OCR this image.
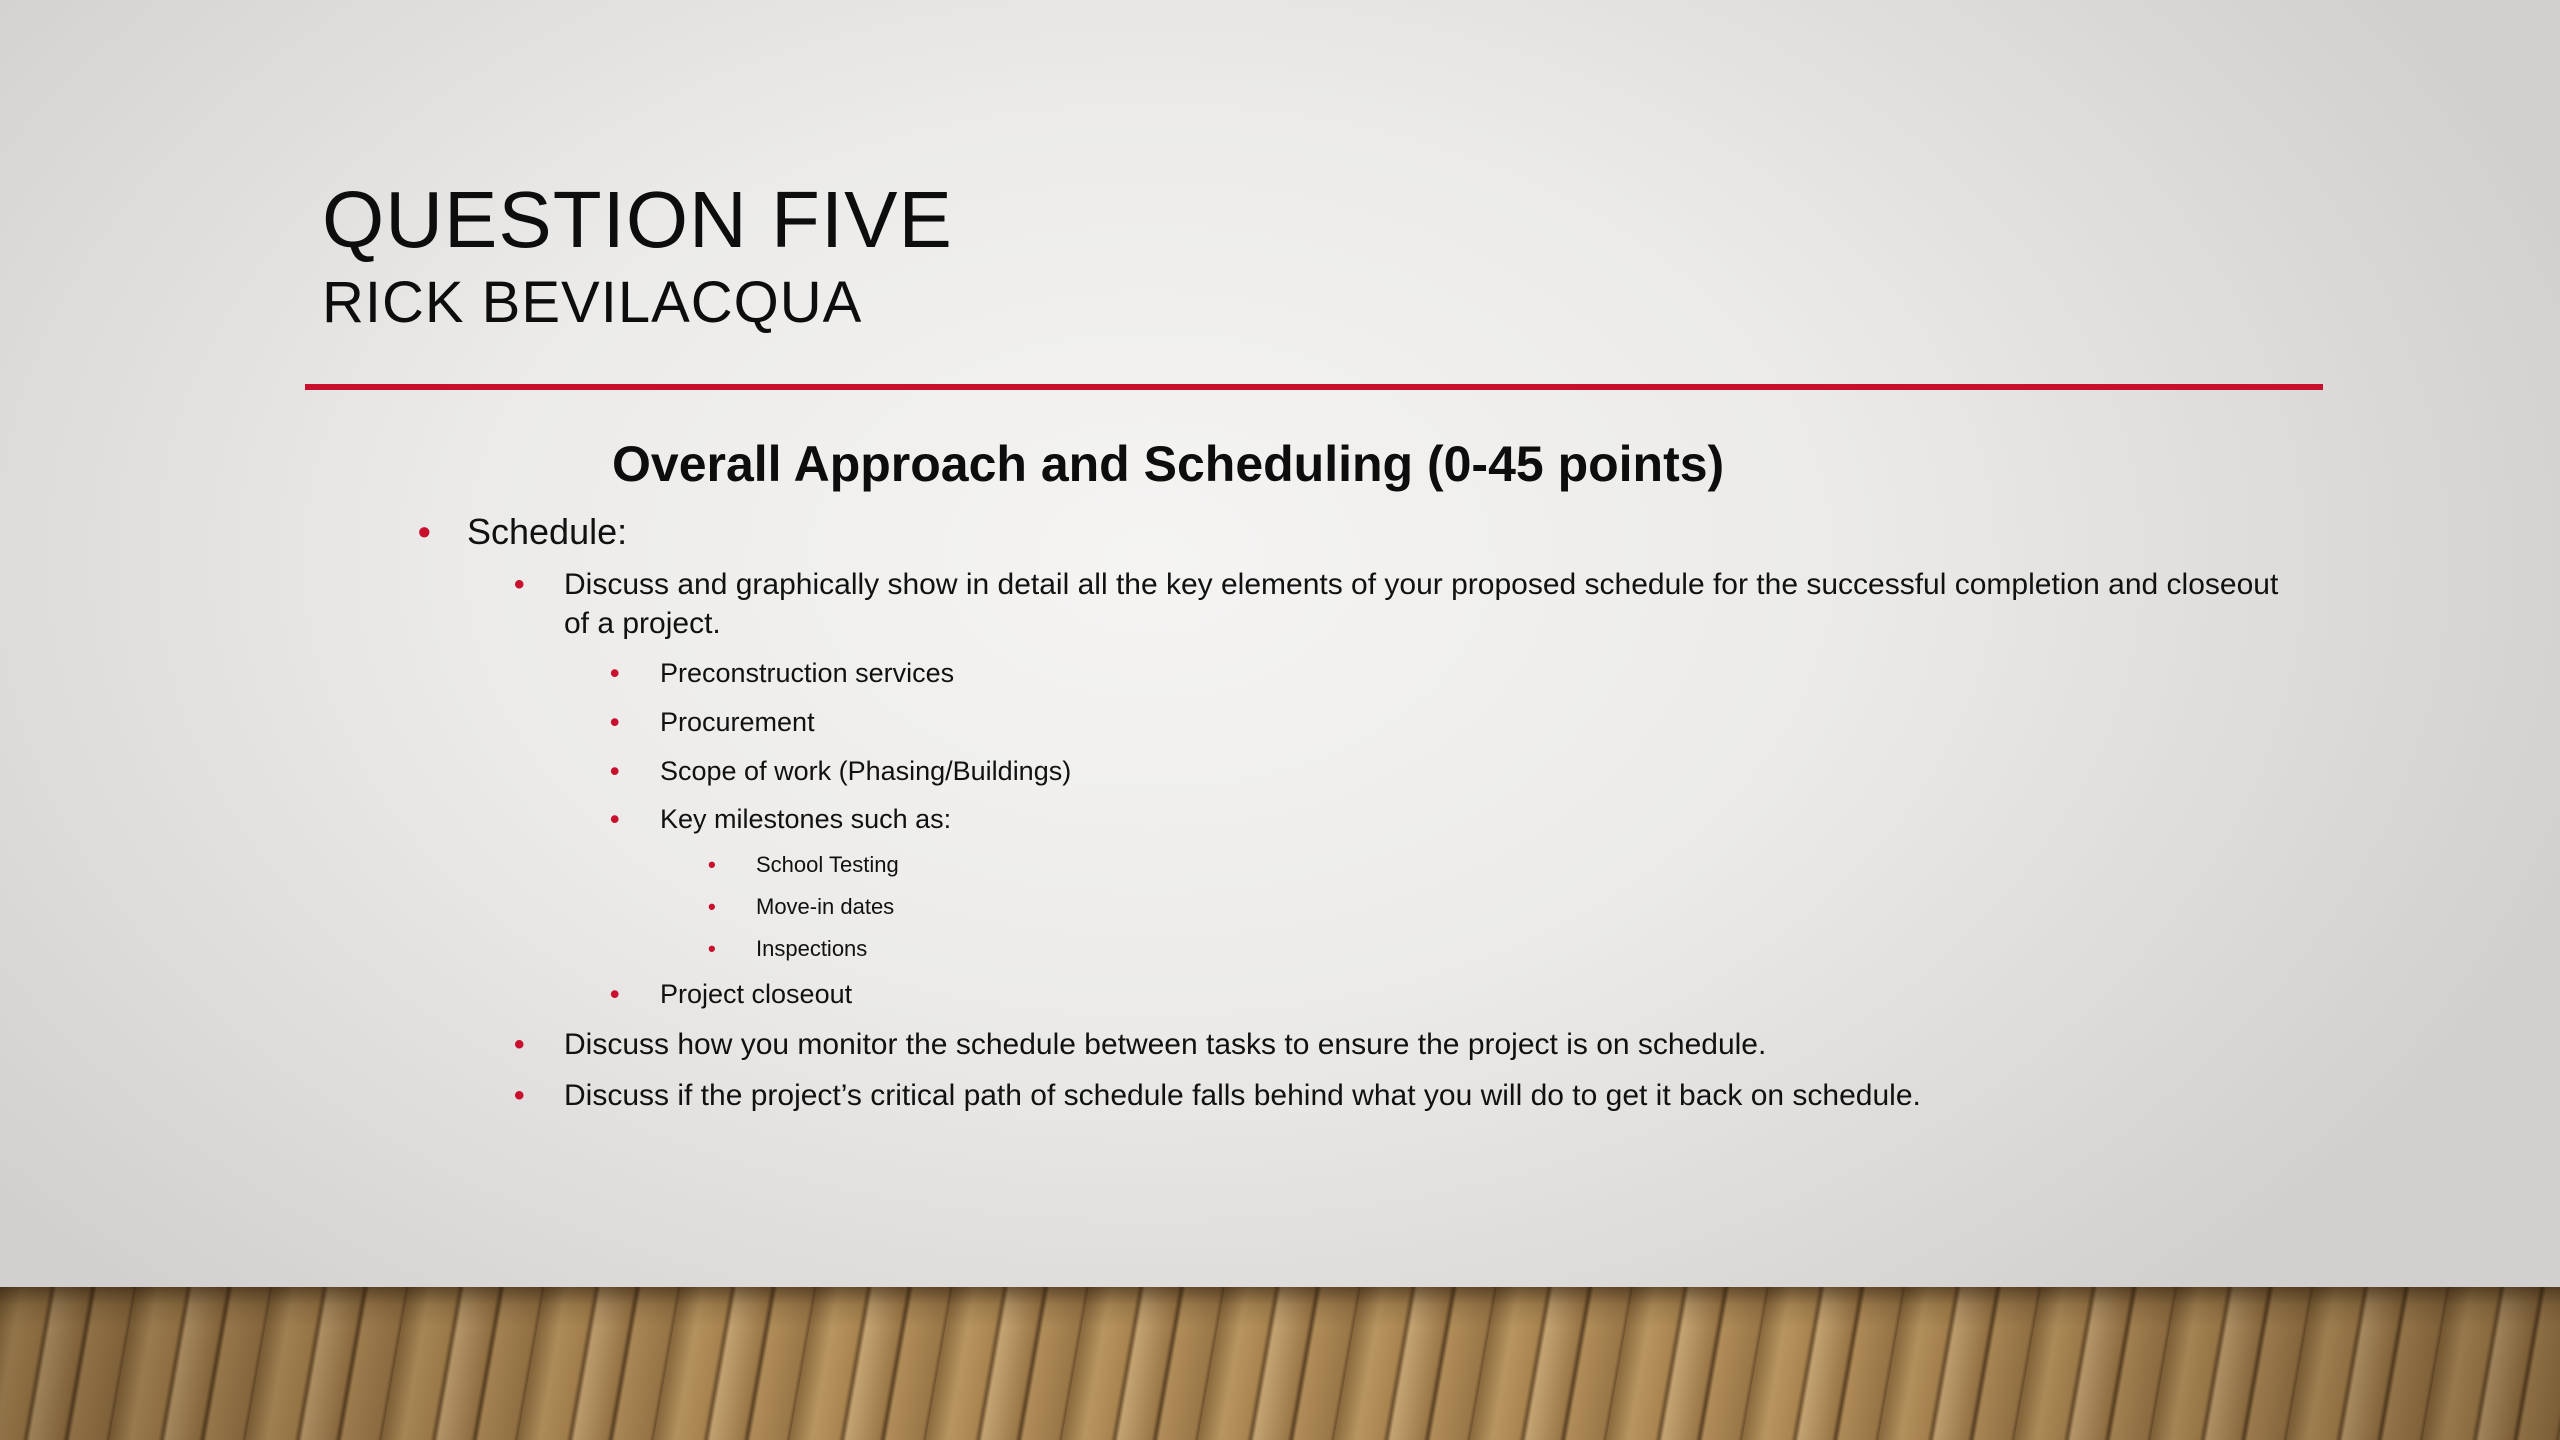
QUESTION FIVE
RICK BEVILACQUA
Overall Approach and Scheduling (0-45 points)
• Schedule:
• Discuss and graphically show in detail all the key elements of your proposed schedule for the successful completion and closeout of a project.
• Preconstruction services
• Procurement
• Scope of work (Phasing/Buildings)
• Key milestones such as:
• School Testing
• Move-in dates
• Inspections
• Project closeout
• Discuss how you monitor the schedule between tasks to ensure the project is on schedule.
• Discuss if the project’s critical path of schedule falls behind what you will do to get it back on schedule.
